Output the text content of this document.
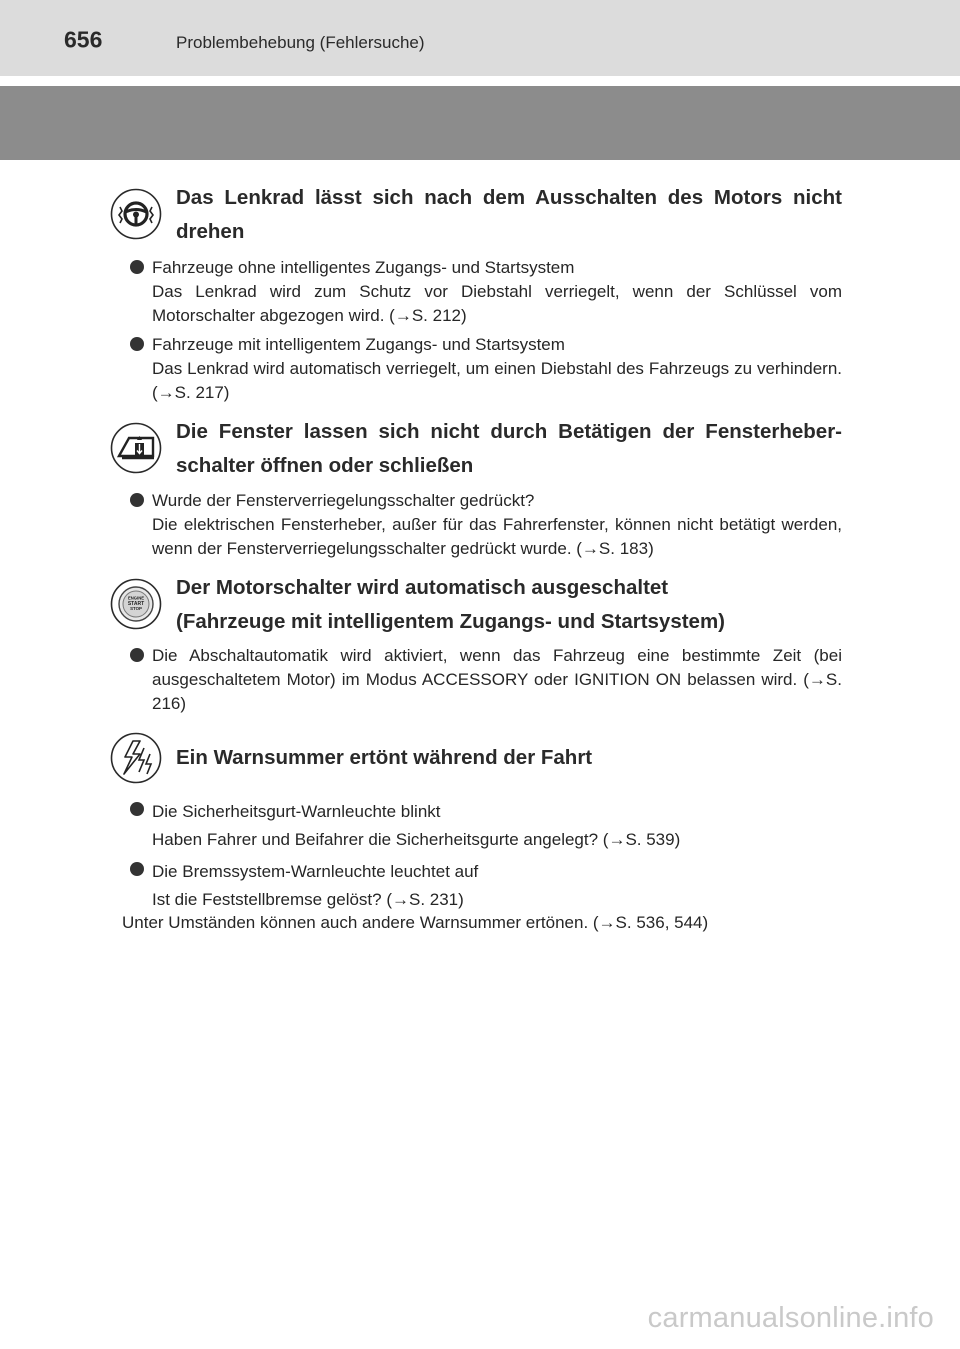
656	Problembehebung (Fehlersuche)
Das Lenkrad lässt sich nach dem Ausschalten des Motors nicht
drehen
Fahrzeuge ohne intelligentes Zugangs- und Startsystem
Das Lenkrad wird zum Schutz vor Diebstahl verriegelt, wenn der Schlüssel vom Motorschalter abgezogen wird. (→S. 212)
Fahrzeuge mit intelligentem Zugangs- und Startsystem
Das Lenkrad wird automatisch verriegelt, um einen Diebstahl des Fahrzeugs zu verhindern. (→S. 217)
Die Fenster lassen sich nicht durch Betätigen der Fensterheber-
schalter öffnen oder schließen
Wurde der Fensterverriegelungsschalter gedrückt?
Die elektrischen Fensterheber, außer für das Fahrerfenster, können nicht betätigt werden, wenn der Fensterverriegelungsschalter gedrückt wurde. (→S. 183)
ENGINE
START
STOP
Der Motorschalter wird automatisch ausgeschaltet
(Fahrzeuge mit intelligentem Zugangs- und Startsystem)
Die Abschaltautomatik wird aktiviert, wenn das Fahrzeug eine bestimmte Zeit (bei ausgeschaltetem Motor) im Modus ACCESSORY oder IGNITION ON belassen wird. (→S. 216)
Ein Warnsummer ertönt während der Fahrt
Die Sicherheitsgurt-Warnleuchte blinkt
Haben Fahrer und Beifahrer die Sicherheitsgurte angelegt? (→S. 539)
Die Bremssystem-Warnleuchte leuchtet auf
Ist die Feststellbremse gelöst? (→S. 231)
Unter Umständen können auch andere Warnsummer ertönen. (→S. 536, 544)
carmanualsonline.info
